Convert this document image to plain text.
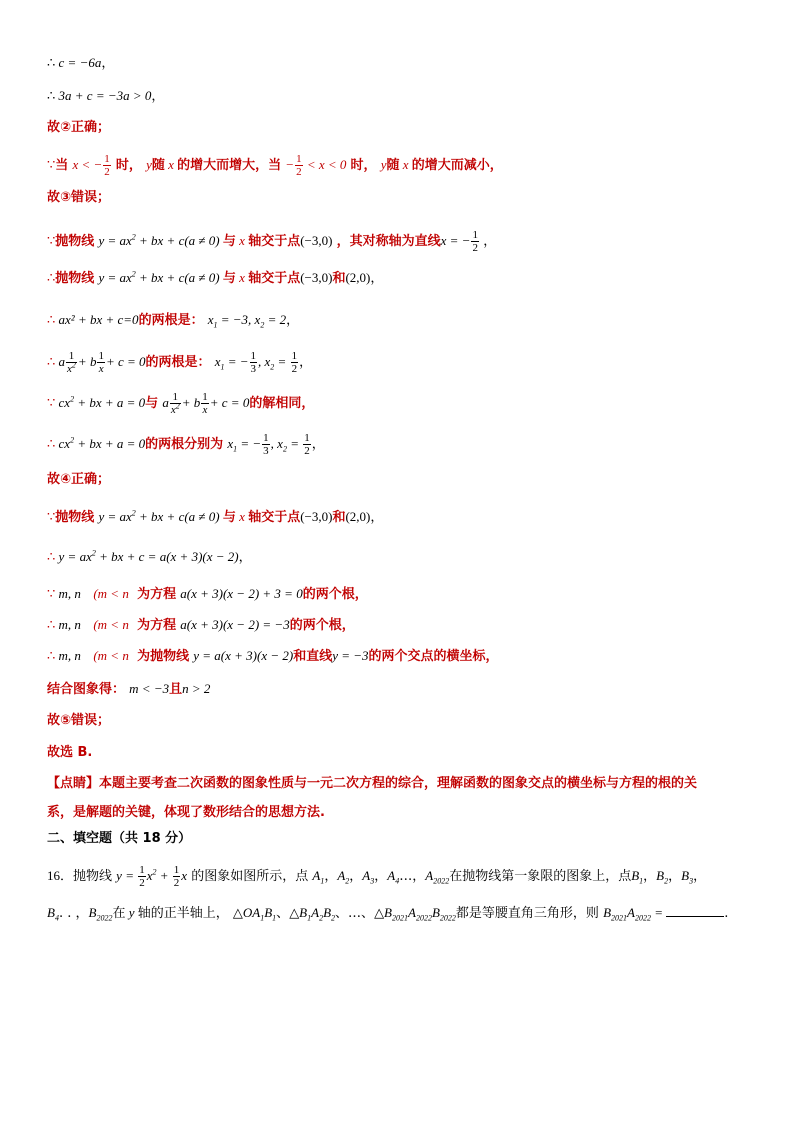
∴ c = −6a，
∴ 3a + c = −3a > 0，
故②正确；
∵当 x < − $\frac{1}{2}$ 时， y随 x 的增大而增大，当 − $\frac{1}{2} < x < 0$ 时， y随 x 的增大而减小，
故③错误；
∵抛物线 $y = ax^2$ + bx + c(a ≠ 0) 与 x 轴交于点(−3,0) ，其对称轴为直线x = − $\frac{1}{2}$ ，
∴抛物线 $y = ax^2$ + bx + c(a ≠ 0) 与 x 轴交于点(−3,0)和(2,0)，
∴ ax² + bx + c=0的两根是： $x_1 = -3$, $x_2 = 2$，
∴ a $\frac{1}{x^2} + b \frac{1}{x} + c = 0$的两根是： $x_1$ = − $\frac{1}{3}$ , $x_2 = \frac{1}{2}$ ，
∵ $cx^2$ + bx + a = 0与 a $\frac{1}{x^2} + b \frac{1}{x} + c = 0$的解相同，
∴ $cx^2$ + bx + a = 0的两根分别为 $x_1$ = − $\frac{1}{3}$ , $x_2 = \frac{1}{2}$ ，
故④正确；
∵抛物线 $y = ax^2$ + bx + c(a ≠ 0) 与 x 轴交于点(−3,0)和(2,0)，
∴ $y = ax^2$ + bx + c = a(x + 3)(x − 2)，
∵ m, n (m < n 为方程 a(x + 3)(x − 2) + 3 = 0的两个根，
∴ m, n (m < n 为方程 a(x + 3)(x − 2) = −3的两个根，
∴ m, n (m < n 为抛物线 y = a(x + 3)(x − 2)和直线y = −3的两个交点的横坐标，
结合图象得： m < −3且n > 2
故⑤错误；
故选 B.
【点睛】本题主要考查二次函数的图象性质与一元二次方程的综合，理解函数的图象交点的横坐标与方程的根的关
系，是解题的关键，体现了数形结合的思想方法.
二、填空题（共 18 分）
16．抛物线 $y = \frac{1}{2} x^2 + \frac{1}{2}$ x 的图象如图所示，点 $A_1$，$A_2$，$A_3$，$A_4\dots$，$A_{2022}$在抛物线第一象限的图象上，点$B_1$，$B_2$，$B_3$，
$B_4$. . ，$B_{2022}$在 y 轴的正半轴上， $\triangle OA_1B_1$、$\triangle B_1A_2B_2$、…、$\triangle B_{2021}A_{2022}B_{2022}$都是等腰直角三角形，则 $B_{2021}A_{2022}$ =	.
